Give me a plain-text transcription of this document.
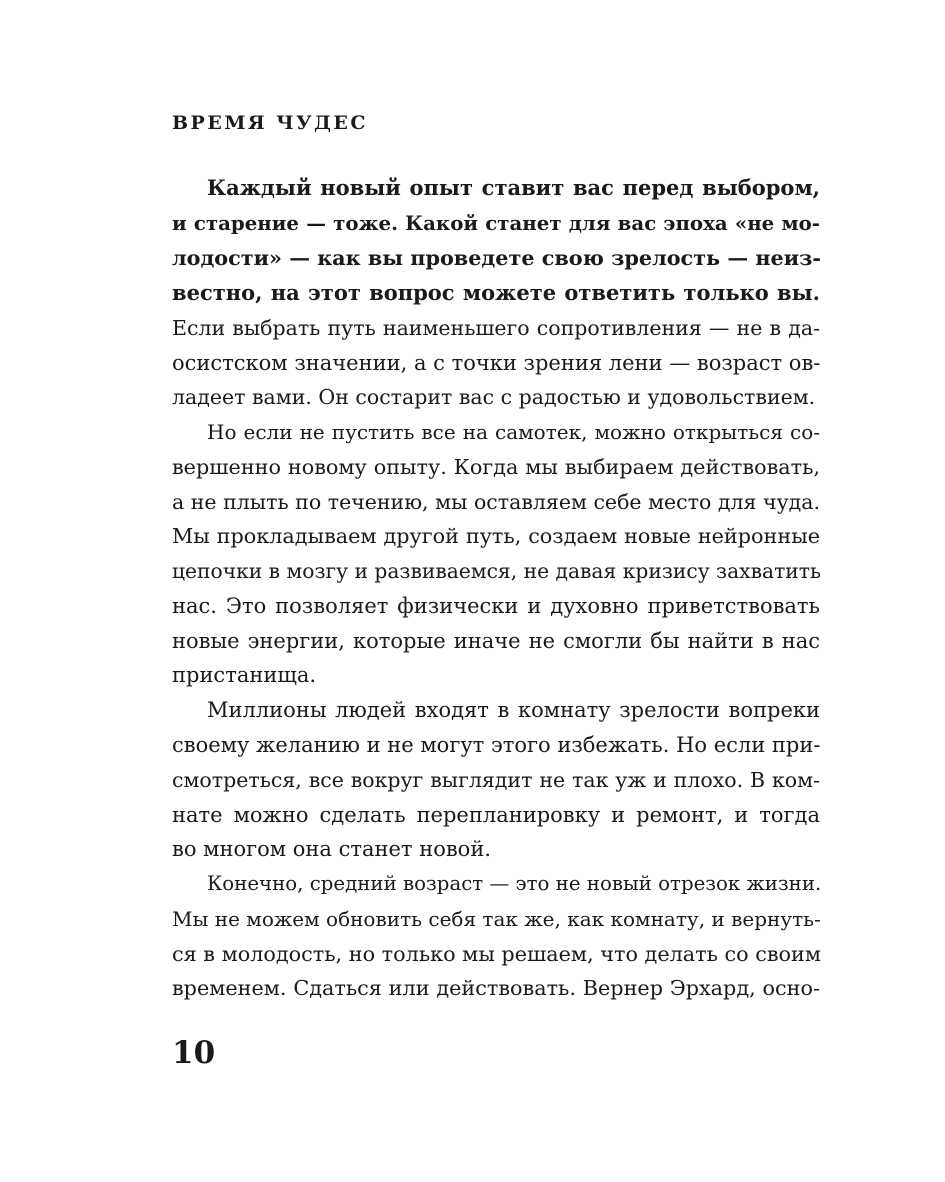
ВРЕМЯ ЧУДЕС
Каждый новый опыт ставит вас перед выбором,
и старение — тоже. Какой станет для вас эпоха «не мо-
лодости» — как вы проведете свою зрелость — неиз-
вестно, на этот вопрос можете ответить только вы.
Если выбрать путь наименьшего сопротивления — не в да-
осистском значении, а с точки зрения лени — возраст ов-
ладеет вами. Он состарит вас с радостью и удовольствием.
Но если не пустить все на самотек, можно открыться со-
вершенно новому опыту. Когда мы выбираем действовать,
а не плыть по течению, мы оставляем себе место для чуда.
Мы прокладываем другой путь, создаем новые нейронные
цепочки в мозгу и развиваемся, не давая кризису захватить
нас. Это позволяет физически и духовно приветствовать
новые энергии, которые иначе не смогли бы найти в нас
пристанища.
Миллионы людей входят в комнату зрелости вопреки
своему желанию и не могут этого избежать. Но если при-
смотреться, все вокруг выглядит не так уж и плохо. В ком-
нате можно сделать перепланировку и ремонт, и тогда
во многом она станет новой.
Конечно, средний возраст — это не новый отрезок жизни.
Мы не можем обновить себя так же, как комнату, и вернуть-
ся в молодость, но только мы решаем, что делать со своим
временем. Сдаться или действовать. Вернер Эрхард, осно-
10
